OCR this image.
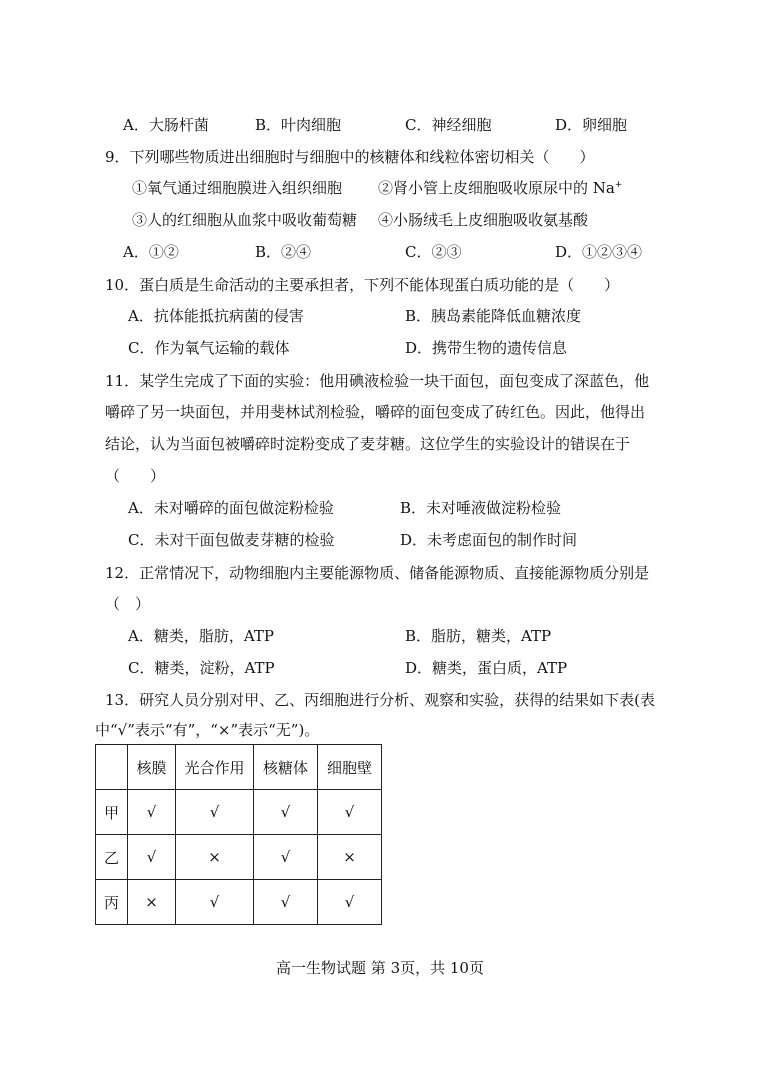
A．大肠杆菌	B．叶肉细胞	C．神经细胞	D．卵细胞
9．下列哪些物质进出细胞时与细胞中的核糖体和线粒体密切相关（　　）
①氧气通过细胞膜进入组织细胞 ②肾小管上皮细胞吸收原尿中的 Na+
③人的红细胞从血浆中吸收葡萄糖 ④小肠绒毛上皮细胞吸收氨基酸
A．①②	B．②④	C．②③	D．①②③④
10．蛋白质是生命活动的主要承担者，下列不能体现蛋白质功能的是（　　）
A．抗体能抵抗病菌的侵害	B．胰岛素能降低血糖浓度
C．作为氧气运输的载体	D．携带生物的遗传信息
11．某学生完成了下面的实验：他用碘液检验一块干面包，面包变成了深蓝色，他
嚼碎了另一块面包，并用斐林试剂检验，嚼碎的面包变成了砖红色。因此，他得出
结论，认为当面包被嚼碎时淀粉变成了麦芽糖。这位学生的实验设计的错误在于
（　　）
A．未对嚼碎的面包做淀粉检验	B．未对唾液做淀粉检验
C．未对干面包做麦芽糖的检验	D．未考虑面包的制作时间
12．正常情况下，动物细胞内主要能源物质、储备能源物质、直接能源物质分别是
（　）
A．糖类，脂肪，ATP	B．脂肪，糖类，ATP
C．糖类，淀粉，ATP	D．糖类，蛋白质，ATP
13．研究人员分别对甲、乙、丙细胞进行分析、观察和实验，获得的结果如下表(表
中“√”表示“有”，“×”表示“无”)。
	核膜	光合作用	核糖体	细胞壁
甲	√	√	√	√
乙	√	×	√	×
丙	×	√	√	√
高一生物试题 第 3页，共 10页
